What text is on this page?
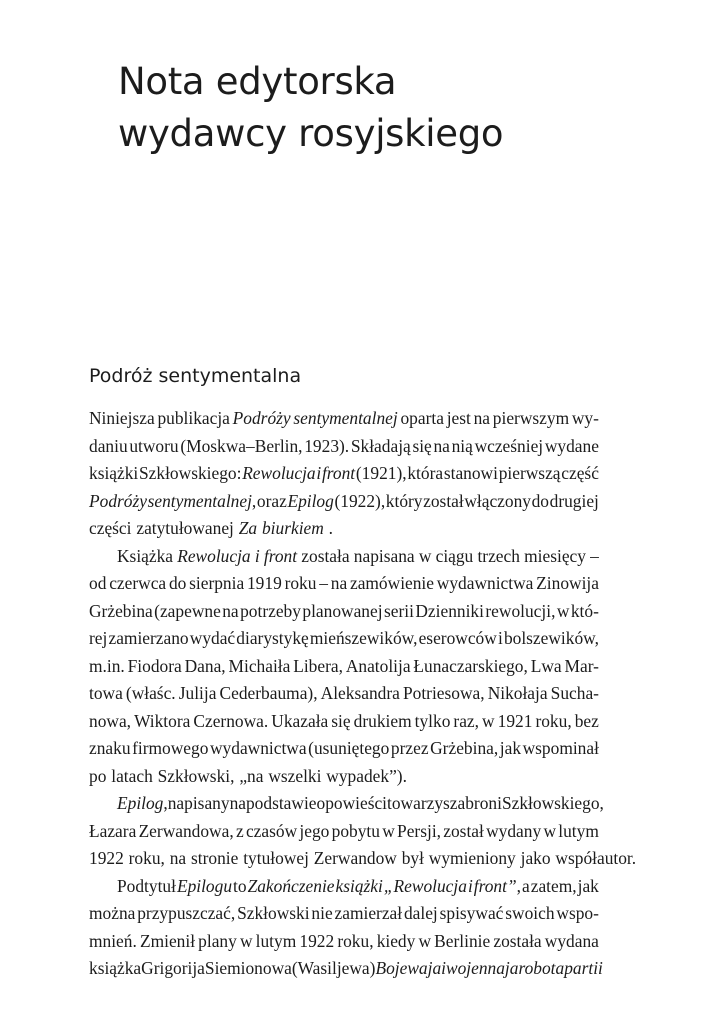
Nota edytorska
wydawcy rosyjskiego
Podróż sentymentalna
Niniejsza publikacja Podróży sentymentalnej oparta jest na pierwszym wy-
daniu utworu (Moskwa–Berlin, 1923). Składają się na nią wcześniej wydane
książki Szkłowskiego: Rewolucja i front (1921), która stanowi pierwszą część
Podróży sentymentalnej, oraz Epilog (1922), który został włączony do drugiej
części zatytułowanej Za biurkiem .
Książka Rewolucja i front została napisana w ciągu trzech miesięcy –
od czerwca do sierpnia 1919 roku – na zamówienie wydawnictwa Zinowija
Grżebina (zapewne na potrzeby planowanej serii Dzienniki rewolucji, w któ-
rej zamierzano wydać diarystykę mieńszewików, eserowców i bolszewików,
m.in. Fiodora Dana, Michaiła Libera, Anatolija Łunaczarskiego, Lwa Mar-
towa (właśc. Julija Cederbauma), Aleksandra Potriesowa, Nikołaja Sucha-
nowa, Wiktora Czernowa. Ukazała się drukiem tylko raz, w 1921 roku, bez
znaku firmowego wydawnictwa (usuniętego przez Grżebina, jak wspominał
po latach Szkłowski, „na wszelki wypadek”).
Epilog, napisany na podstawie opowieści towarzysza broni Szkłowskiego,
Łazara Zerwandowa, z czasów jego pobytu w Persji, został wydany w lutym
1922 roku, na stronie tytułowej Zerwandow był wymieniony jako współautor.
Podtytuł Epilogu to Zakończenie książki „Rewolucja i front”, a zatem, jak
można przypuszczać, Szkłowski nie zamierzał dalej spisywać swoich wspo-
mnień. Zmienił plany w lutym 1922 roku, kiedy w Berlinie została wydana
książka Grigorija Siemionowa (Wasiljewa) Bojewaja i wojennaja robota partii
